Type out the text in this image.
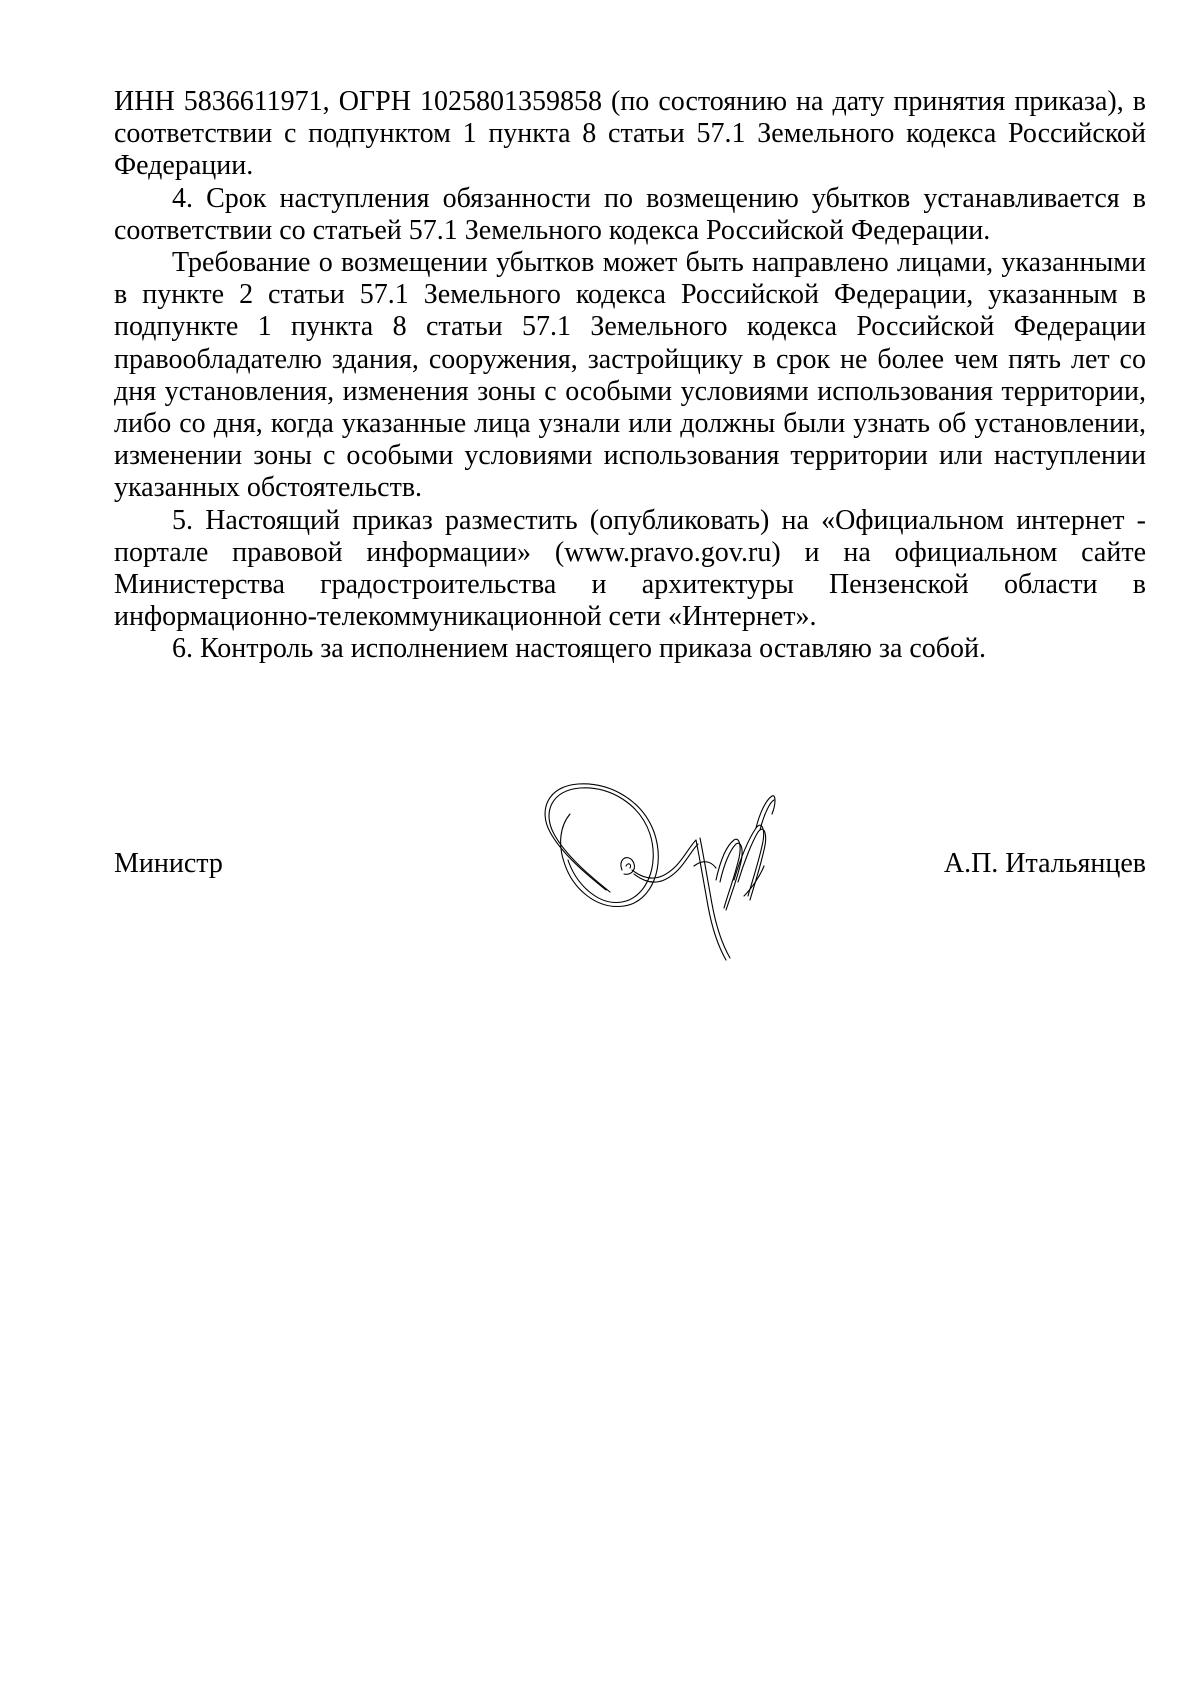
ИНН 5836611971, ОГРН 1025801359858 (по состоянию на дату принятия приказа), в соответствии с подпунктом 1 пункта 8 статьи 57.1 Земельного кодекса Российской Федерации.

4. Срок наступления обязанности по возмещению убытков устанавливается в соответствии со статьей 57.1 Земельного кодекса Российской Федерации.

Требование о возмещении убытков может быть направлено лицами, указанными в пункте 2 статьи 57.1 Земельного кодекса Российской Федерации, указанным в подпункте 1 пункта 8 статьи 57.1 Земельного кодекса Российской Федерации правообладателю здания, сооружения, застройщику в срок не более чем пять лет со дня установления, изменения зоны с особыми условиями использования территории, либо со дня, когда указанные лица узнали или должны были узнать об установлении, изменении зоны с особыми условиями использования территории или наступлении указанных обстоятельств.

5. Настоящий приказ разместить (опубликовать) на «Официальном интернет - портале правовой информации» (www.pravo.gov.ru) и на официальном сайте Министерства градостроительства и архитектуры Пензенской области в информационно-телекоммуникационной сети «Интернет».

6. Контроль за исполнением настоящего приказа оставляю за собой.

Министр	А.П. Итальянцев
